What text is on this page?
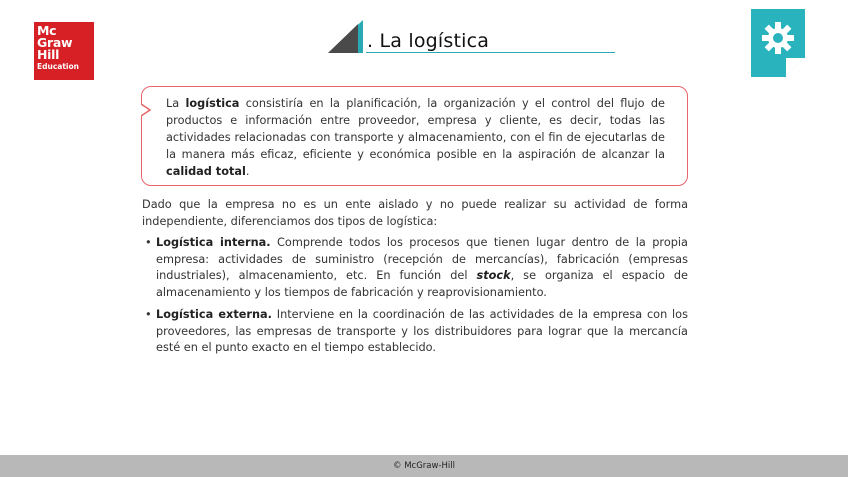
Mc
Graw
Hill
Education
. La logística
La logística consistiría en la planificación, la organización y el control del flujo de productos e información entre proveedor, empresa y cliente, es decir, todas las actividades relacionadas con transporte y almacenamiento, con el fin de ejecutarlas de la manera más eficaz, eficiente y económica posible en la aspiración de alcanzar la calidad total.
Dado que la empresa no es un ente aislado y no puede realizar su actividad de forma independiente, diferenciamos dos tipos de logística:
• Logística interna. Comprende todos los procesos que tienen lugar dentro de la propia empresa: actividades de suministro (recepción de mercancías), fabricación (empresas industriales), almacenamiento, etc. En función del stock, se organiza el espacio de almacenamiento y los tiempos de fabricación y reaprovisionamiento.
• Logística externa. Interviene en la coordinación de las actividades de la empresa con los proveedores, las empresas de transporte y los distribuidores para lograr que la mercancía esté en el punto exacto en el tiempo establecido.
© McGraw-Hill
